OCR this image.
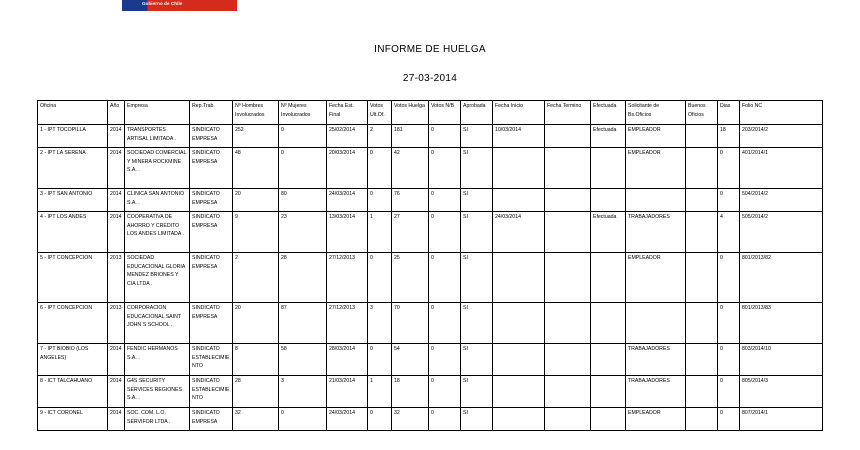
Gobierno de Chile
INFORME DE HUELGA
27-03-2014
Oficina	Año	Empresa	Rep.Trab.	Nº Hombres Involucrados	Nº Mujeres Involucrados	Fecha Est. Final	Votos Ult.Of.	Votos Huelga	Votos N/B	Aprobada	Fecha Inicio	Fecha Termino	Efectuada	Solicitante de Bs.Oficios	Buenos Oficios	Dias	Folio NC
1 - IPT TOCOPILLA	2014	TRANSPORTES ARTISAL LIMITADA .	SINDICATO EMPRESA	252	0	25/02/2014	2	181	0	SI	10/03/2014		Efectuada	EMPLEADOR		18	203/2014/2
2 - IPT LA SERENA	2014	SOCIEDAD COMERCIAL Y MINERA ROCKMINE S.A. .	SINDICATO EMPRESA	48	0	20/03/2014	0	42	0	SI				EMPLEADOR		0	401/2014/1
3 - IPT SAN ANTONIO	2014	CLINICA SAN ANTONIO S.A. .	SINDICATO EMPRESA	20	80	24/03/2014	0	76	0	SI						0	504/2014/2
4 - IPT LOS ANDES	2014	COOPERATIVA DE AHORRO Y CREDITO LOS ANDES LIMITADA .	SINDICATO EMPRESA	9	23	13/03/2014	1	27	0	SI	24/03/2014		Efectuada	TRABAJADORES		4	505/2014/2
5 - IPT CONCEPCION	2013	SOCIEDAD EDUCACIONAL GLORIA MENDEZ BRIONES Y CIA LTDA .	SINDICATO EMPRESA	2	28	27/12/2013	0	25	0	SI				EMPLEADOR		0	801/2013/82
6 - IPT CONCEPCION	2013	CORPORACION EDUCACIONAL SAINT JOHN`S SCHOOL .	SINDICATO EMPRESA	20	87	27/12/2013	3	70	0	SI						0	801/2013/83
7 - IPT BIOBIO (LOS ANGELES)	2014	FENDIC HERMANOS S.A. .	SINDICATO ESTABLECIMIENTO	8	58	28/03/2014	0	54	0	SI				TRABAJADORES		0	803/2014/10
8 - ICT TALCAHUANO	2014	G4S SECURITY SERVICES REGIONES S.A. .	SINDICATO ESTABLECIMIENTO	28	3	21/03/2014	1	18	0	SI				TRABAJADORES		0	805/2014/3
9 - ICT CORONEL	2014	SOC. COM. L.O. SERVIFOR LTDA .	SINDICATO EMPRESA	32	0	24/03/2014	0	32	0	SI				EMPLEADOR		0	807/2014/1
